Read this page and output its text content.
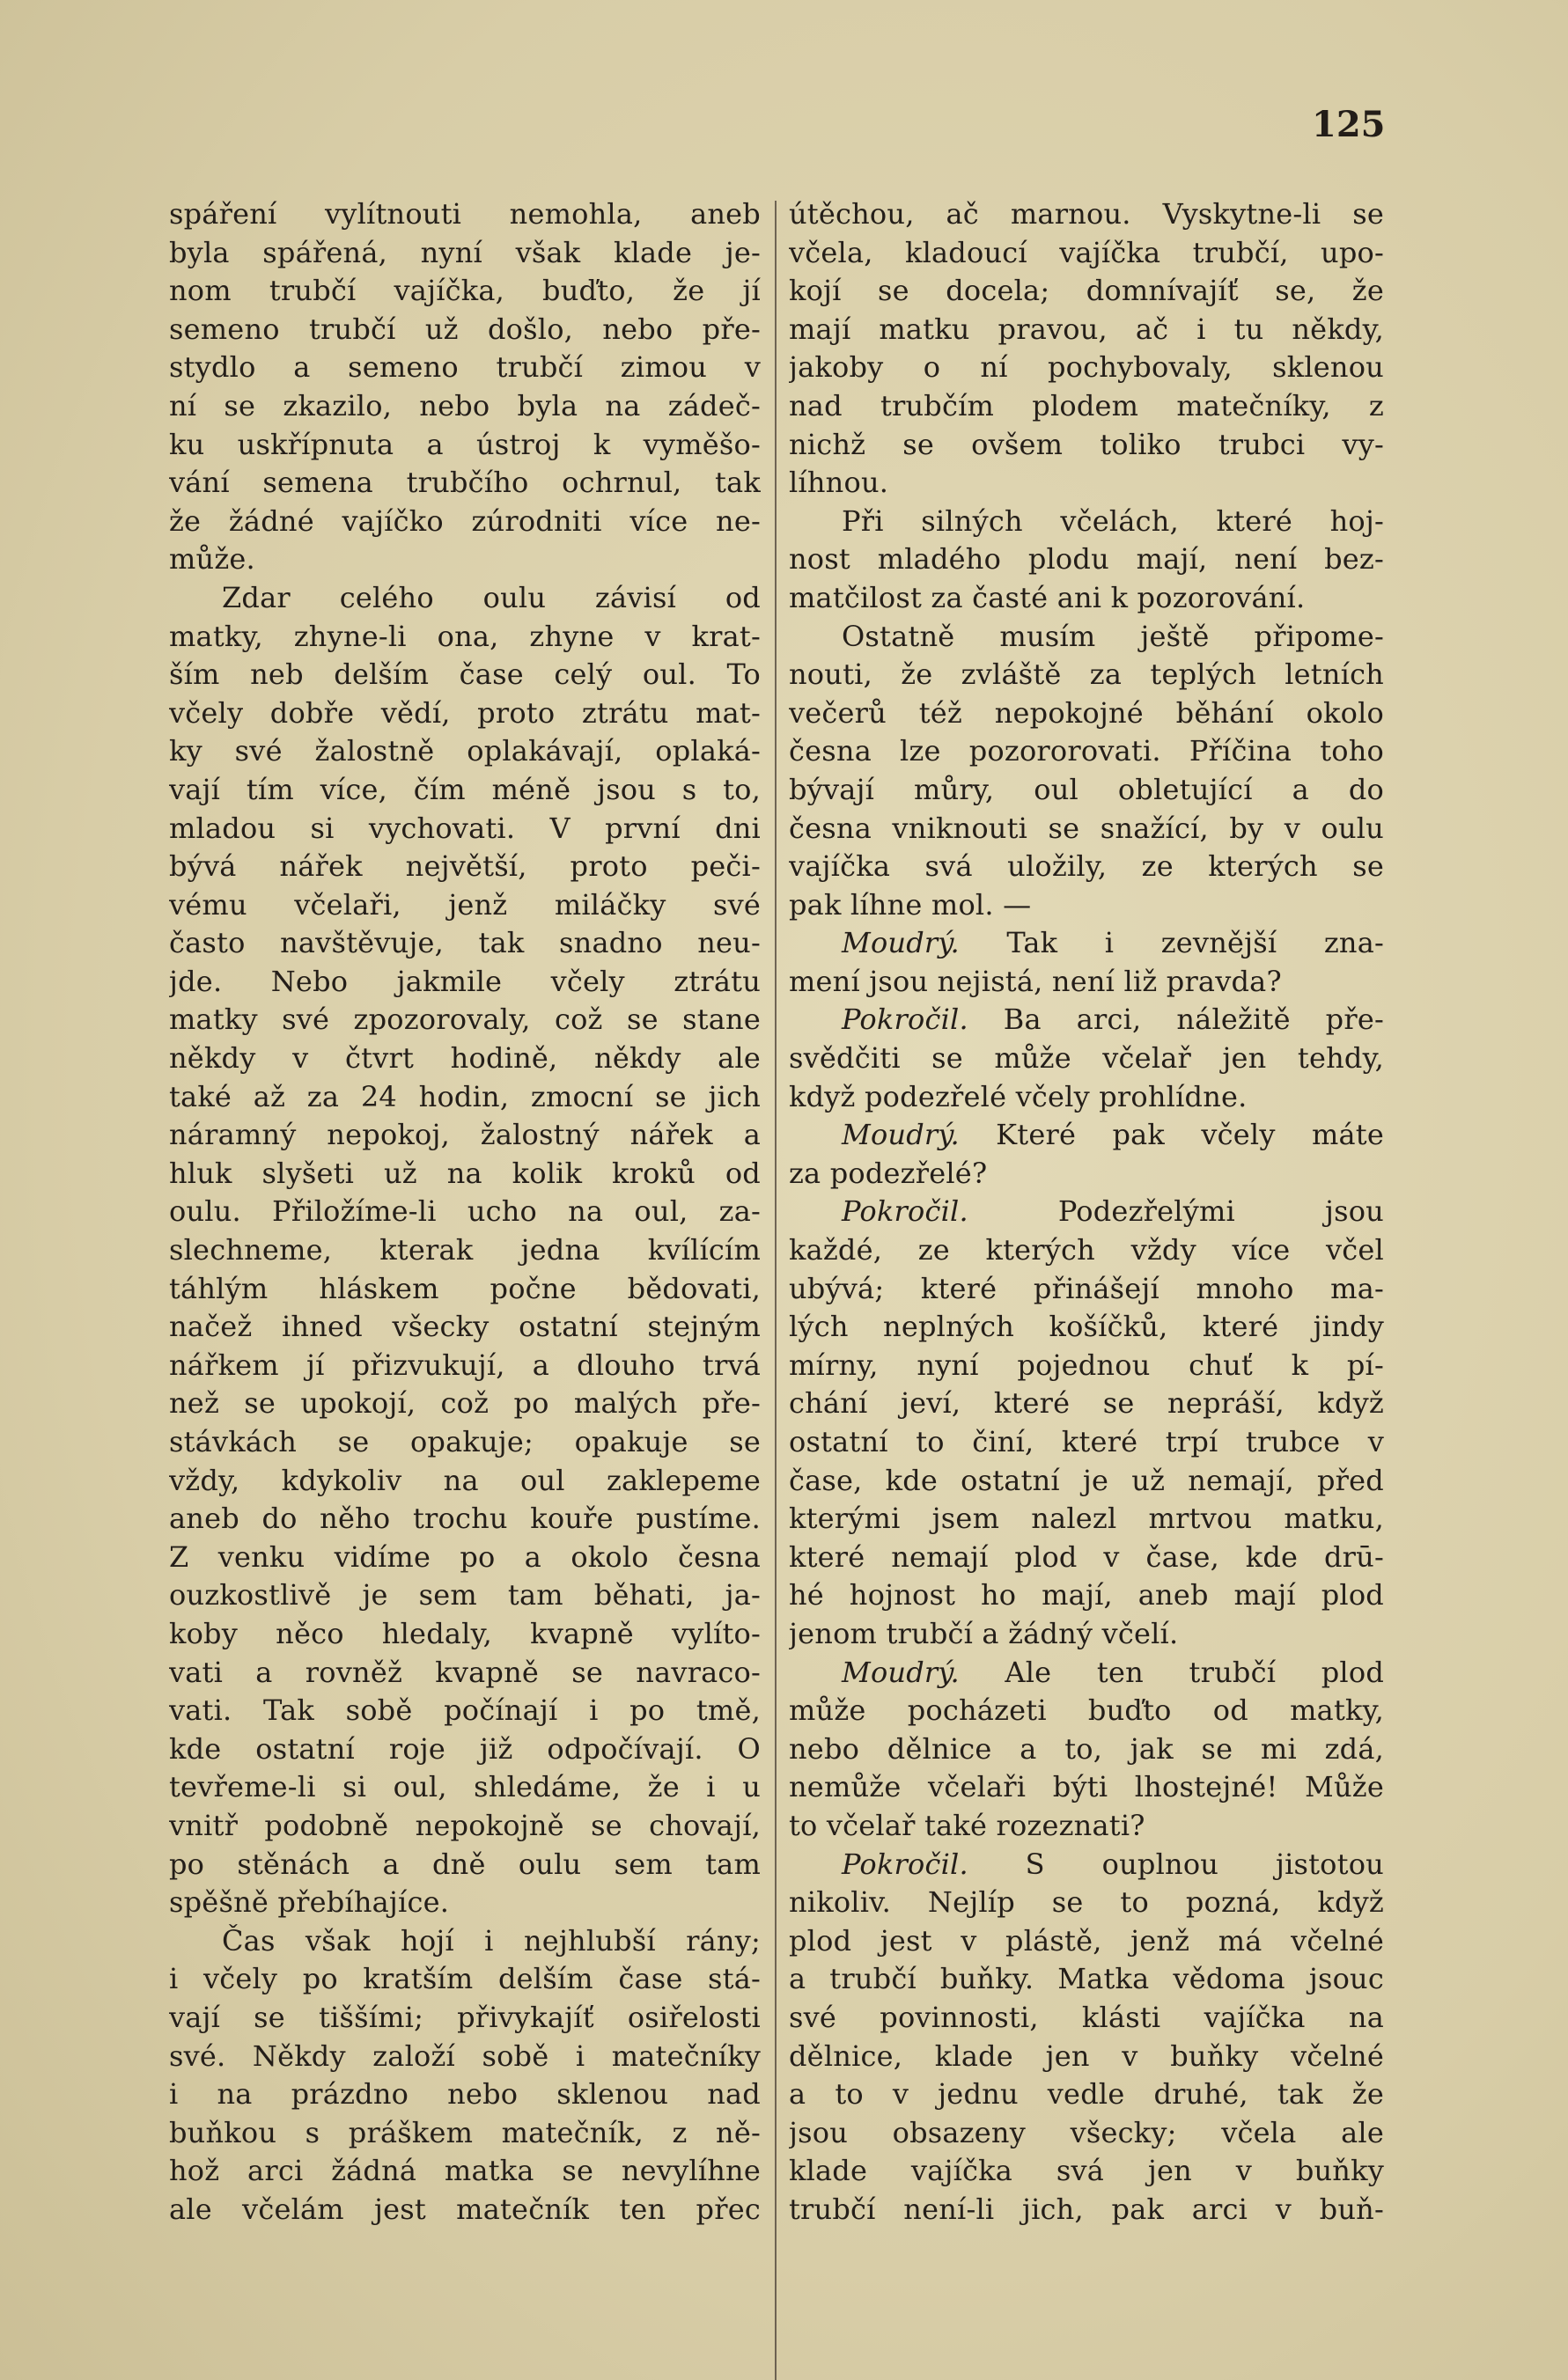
125
spáření vylítnouti nemohla, aneb
byla spářená, nyní však klade je-
nom trubčí vajíčka, buďto, že jí
semeno trubčí už došlo, nebo pře-
stydlo a semeno trubčí zimou v
ní se zkazilo, nebo byla na zádeč-
ku uskřípnuta a ústroj k vyměšo-
vání semena trubčího ochrnul, tak
že žádné vajíčko zúrodniti více ne-
může.
Zdar celého oulu závisí od
matky, zhyne-li ona, zhyne v krat-
ším neb delším čase celý oul. To
včely dobře vědí, proto ztrátu mat-
ky své žalostně oplakávají, oplaká-
vají tím více, čím méně jsou s to,
mladou si vychovati. V první dni
bývá nářek největší, proto peči-
vému včelaři, jenž miláčky své
často navštěvuje, tak snadno neu-
jde. Nebo jakmile včely ztrátu
matky své zpozorovaly, což se stane
někdy v čtvrt hodině, někdy ale
také až za 24 hodin, zmocní se jich
náramný nepokoj, žalostný nářek a
hluk slyšeti už na kolik kroků od
oulu. Přiložíme-li ucho na oul, za-
slechneme, kterak jedna kvílícím
táhlým hláskem počne bědovati,
načež ihned všecky ostatní stejným
nářkem jí přizvukují, a dlouho trvá
než se upokojí, což po malých pře-
stávkách se opakuje; opakuje se
vždy, kdykoliv na oul zaklepeme
aneb do něho trochu kouře pustíme.
Z venku vidíme po a okolo česna
ouzkostlivě je sem tam běhati, ja-
koby něco hledaly, kvapně vylíto-
vati a rovněž kvapně se navraco-
vati. Tak sobě počínají i po tmě,
kde ostatní roje již odpočívají. O
tevřeme-li si oul, shledáme, že i u
vnitř podobně nepokojně se chovají,
po stěnách a dně oulu sem tam
spěšně přebíhajíce.
Čas však hojí i nejhlubší rány;
i včely po kratším delším čase stá-
vají se tiššími; přivykajíť osiřelosti
své. Někdy založí sobě i matečníky
i na prázdno nebo sklenou nad
buňkou s práškem matečník, z ně-
hož arci žádná matka se nevylíhne
ale včelám jest matečník ten přec
útěchou, ač marnou. Vyskytne-li se
včela, kladoucí vajíčka trubčí, upo-
kojí se docela; domnívajíť se, že
mají matku pravou, ač i tu někdy,
jakoby o ní pochybovaly, sklenou
nad trubčím plodem matečníky, z
nichž se ovšem toliko trubci vy-
líhnou.
Při silných včelách, které hoj-
nost mladého plodu mají, není bez-
matčilost za časté ani k pozorování.
Ostatně musím ještě připome-
nouti, že zvláště za teplých letních
večerů též nepokojné běhání okolo
česna lze pozororovati. Příčina toho
bývají můry, oul obletující a do
česna vniknouti se snažící, by v oulu
vajíčka svá uložily, ze kterých se
pak líhne mol. —
Moudrý. Tak i zevnější zna-
mení jsou nejistá, není liž pravda?
Pokročil. Ba arci, náležitě pře-
svědčiti se může včelař jen tehdy,
když podezřelé včely prohlídne.
Moudrý. Které pak včely máte
za podezřelé?
Pokročil. Podezřelými jsou
každé, ze kterých vždy více včel
ubývá; které přinášejí mnoho ma-
lých neplných košíčků, které jindy
mírny, nyní pojednou chuť k pí-
chání jeví, které se nepráší, když
ostatní to činí, které trpí trubce v
čase, kde ostatní je už nemají, před
kterými jsem nalezl mrtvou matku,
které nemají plod v čase, kde drū-
hé hojnost ho mají, aneb mají plod
jenom trubčí a žádný včelí.
Moudrý. Ale ten trubčí plod
může pocházeti buďto od matky,
nebo dělnice a to, jak se mi zdá,
nemůže včelaři býti lhostejné! Může
to včelař také rozeznati?
Pokročil. S ouplnou jistotou
nikoliv. Nejlíp se to pozná, když
plod jest v plástě, jenž má včelné
a trubčí buňky. Matka vědoma jsouc
své povinnosti, klásti vajíčka na
dělnice, klade jen v buňky včelné
a to v jednu vedle druhé, tak že
jsou obsazeny všecky; včela ale
klade vajíčka svá jen v buňky
trubčí není-li jich, pak arci v buň-
